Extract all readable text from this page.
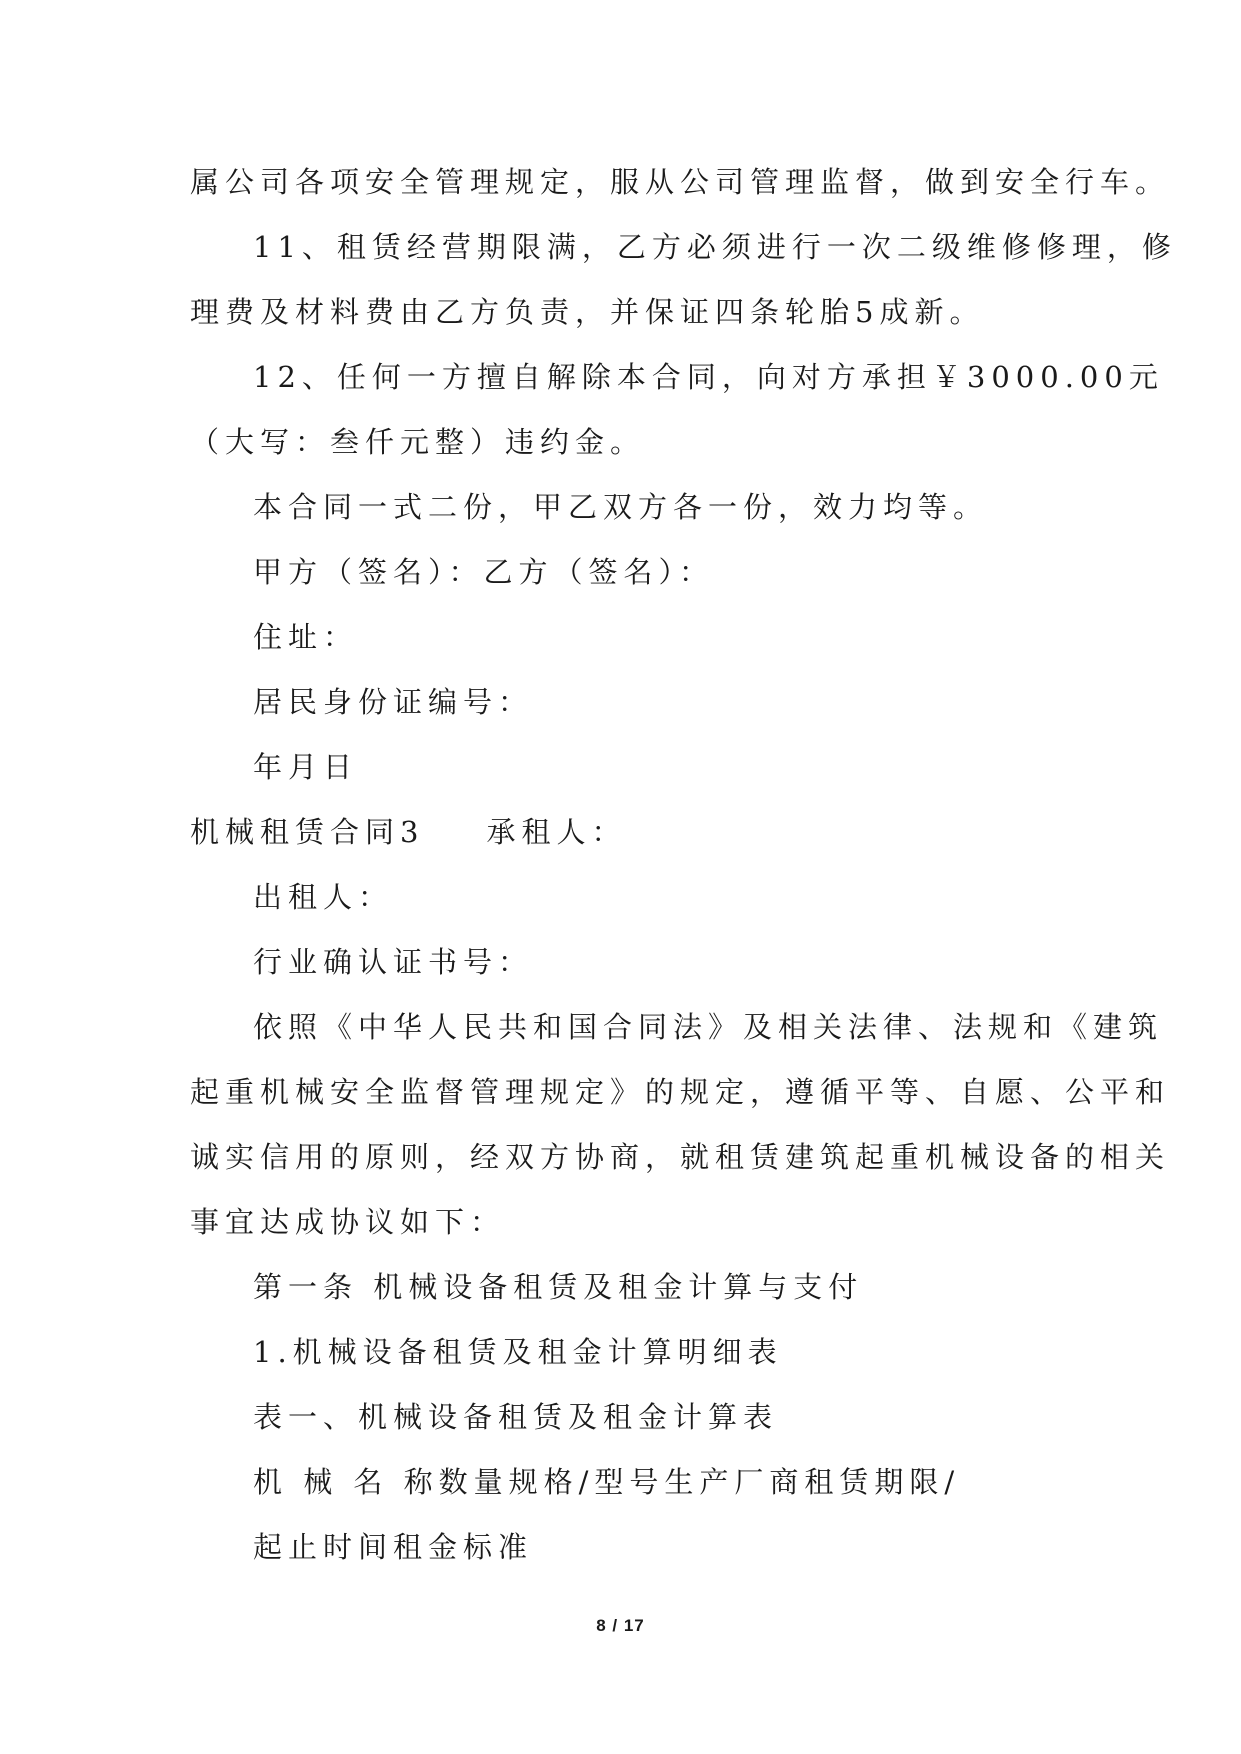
属公司各项安全管理规定，服从公司管理监督，做到安全行车。

11、租赁经营期限满，乙方必须进行一次二级维修修理，修

理费及材料费由乙方负责，并保证四条轮胎5成新。

12、任何一方擅自解除本合同，向对方承担￥3000.00元

（大写：叁仟元整）违约金。

本合同一式二份，甲乙双方各一份，效力均等。

甲方（签名）：乙方（签名）：

住址：

居民身份证编号：

年月日

机械租赁合同3 承租人：

出租人：

行业确认证书号：

依照《中华人民共和国合同法》及相关法律、法规和《建筑

起重机械安全监督管理规定》的规定，遵循平等、自愿、公平和

诚实信用的原则，经双方协商，就租赁建筑起重机械设备的相关

事宜达成协议如下：

第一条 机械设备租赁及租金计算与支付

1.机械设备租赁及租金计算明细表

表一、机械设备租赁及租金计算表

机 械 名 称数量规格/型号生产厂商租赁期限/

起止时间租金标准

8 / 17
